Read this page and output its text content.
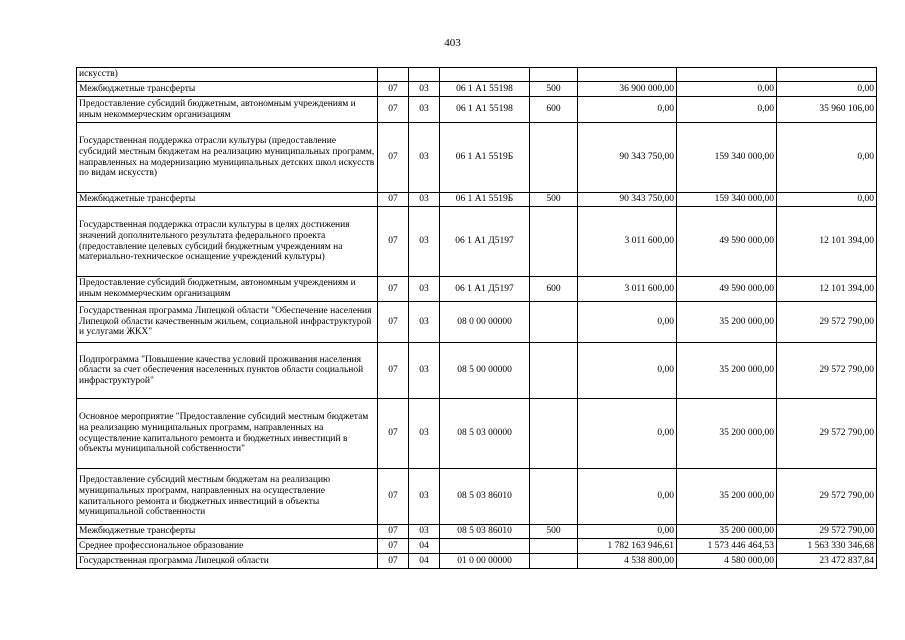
403
искусств)							
Межбюджетные трансферты	07	03	06 1 А1 55198	500	36 900 000,00	0,00	0,00
Предоставление субсидий бюджетным, автономным учреждениям и иным некоммерческим организациям	07	03	06 1 А1 55198	600	0,00	0,00	35 960 106,00
Государственная поддержка отрасли культуры (предоставление субсидий местным бюджетам на реализацию муниципальных программ, направленных на модернизацию муниципальных детских школ искусств по видам искусств)	07	03	06 1 А1 5519Б		90 343 750,00	159 340 000,00	0,00
Межбюджетные трансферты	07	03	06 1 А1 5519Б	500	90 343 750,00	159 340 000,00	0,00
Государственная поддержка отрасли культуры в целях достижения значений дополнительного результата федерального проекта (предоставление целевых субсидий бюджетным учреждениям на материально-техническое оснащение учреждений культуры)	07	03	06 1 А1 Д5197		3 011 600,00	49 590 000,00	12 101 394,00
Предоставление субсидий бюджетным, автономным учреждениям и иным некоммерческим организациям	07	03	06 1 А1 Д5197	600	3 011 600,00	49 590 000,00	12 101 394,00
Государственная программа Липецкой области "Обеспечение населения Липецкой области качественным жильем, социальной инфраструктурой и услугами ЖКХ"	07	03	08 0 00 00000		0,00	35 200 000,00	29 572 790,00
Подпрограмма "Повышение качества условий проживания населения области за счет обеспечения населенных пунктов области социальной инфраструктурой"	07	03	08 5 00 00000		0,00	35 200 000,00	29 572 790,00
Основное мероприятие "Предоставление субсидий местным бюджетам на реализацию муниципальных программ, направленных на осуществление капитального ремонта и бюджетных инвестиций в объекты муниципальной собственности"	07	03	08 5 03 00000		0,00	35 200 000,00	29 572 790,00
Предоставление субсидий местным бюджетам на реализацию муниципальных программ, направленных на осуществление капитального ремонта и бюджетных инвестиций в объекты муниципальной собственности	07	03	08 5 03 86010		0,00	35 200 000,00	29 572 790,00
Межбюджетные трансферты	07	03	08 5 03 86010	500	0,00	35 200 000,00	29 572 790,00
Среднее профессиональное образование	07	04			1 782 163 946,61	1 573 446 464,53	1 563 330 346,68
Государственная программа Липецкой области	07	04	01 0 00 00000		4 538 800,00	4 580 000,00	23 472 837,84
